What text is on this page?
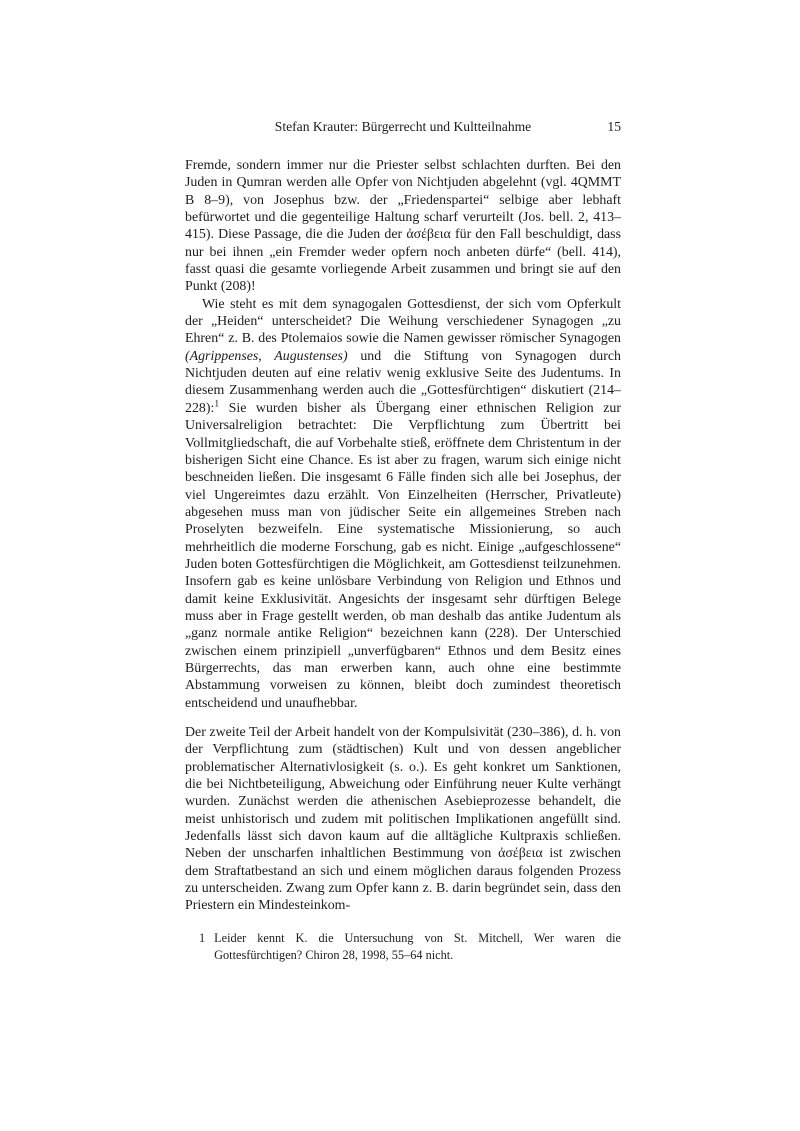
Stefan Krauter: Bürgerrecht und Kultteilnahme	15

Fremde, sondern immer nur die Priester selbst schlachten durften. Bei den Juden in Qumran werden alle Opfer von Nichtjuden abgelehnt (vgl. 4QMMT B 8–9), von Josephus bzw. der „Friedenspartei“ selbige aber lebhaft befürwortet und die gegenteilige Haltung scharf verurteilt (Jos. bell. 2, 413–415). Diese Passage, die die Juden der ἀσέβεια für den Fall beschuldigt, dass nur bei ihnen „ein Fremder weder opfern noch anbeten dürfe“ (bell. 414), fasst quasi die gesamte vorliegende Arbeit zusammen und bringt sie auf den Punkt (208)!

Wie steht es mit dem synagogalen Gottesdienst, der sich vom Opferkult der „Heiden“ unterscheidet? Die Weihung verschiedener Synagogen „zu Ehren“ z. B. des Ptolemaios sowie die Namen gewisser römischer Synagogen (Agrippenses, Augustenses) und die Stiftung von Synagogen durch Nichtjuden deuten auf eine relativ wenig exklusive Seite des Judentums. In diesem Zusammenhang werden auch die „Gottesfürchtigen“ diskutiert (214–228):$^1$ Sie wurden bisher als Übergang einer ethnischen Religion zur Universalreligion betrachtet: Die Verpflichtung zum Übertritt bei Vollmitgliedschaft, die auf Vorbehalte stieß, eröffnete dem Christentum in der bisherigen Sicht eine Chance. Es ist aber zu fragen, warum sich einige nicht beschneiden ließen. Die insgesamt 6 Fälle finden sich alle bei Josephus, der viel Ungereimtes dazu erzählt. Von Einzelheiten (Herrscher, Privatleute) abgesehen muss man von jüdischer Seite ein allgemeines Streben nach Proselyten bezweifeln. Eine systematische Missionierung, so auch mehrheitlich die moderne Forschung, gab es nicht. Einige „aufgeschlossene“ Juden boten Gottesfürchtigen die Möglichkeit, am Gottesdienst teilzunehmen. Insofern gab es keine unlösbare Verbindung von Religion und Ethnos und damit keine Exklusivität. Angesichts der insgesamt sehr dürftigen Belege muss aber in Frage gestellt werden, ob man deshalb das antike Judentum als „ganz normale antike Religion“ bezeichnen kann (228). Der Unterschied zwischen einem prinzipiell „unverfügbaren“ Ethnos und dem Besitz eines Bürgerrechts, das man erwerben kann, auch ohne eine bestimmte Abstammung vorweisen zu können, bleibt doch zumindest theoretisch entscheidend und unaufhebbar.

Der zweite Teil der Arbeit handelt von der Kompulsivität (230–386), d. h. von der Verpflichtung zum (städtischen) Kult und von dessen angeblicher problematischer Alternativlosigkeit (s. o.). Es geht konkret um Sanktionen, die bei Nichtbeteiligung, Abweichung oder Einführung neuer Kulte verhängt wurden. Zunächst werden die athenischen Asebieprozesse behandelt, die meist unhistorisch und zudem mit politischen Implikationen angefüllt sind. Jedenfalls lässt sich davon kaum auf die alltägliche Kultpraxis schließen. Neben der unscharfen inhaltlichen Bestimmung von ἀσέβεια ist zwischen dem Straftatbestand an sich und einem möglichen daraus folgenden Prozess zu unterscheiden. Zwang zum Opfer kann z. B. darin begründet sein, dass den Priestern ein Mindesteinkom-

1 Leider kennt K. die Untersuchung von St. Mitchell, Wer waren die Gottesfürchtigen? Chiron 28, 1998, 55–64 nicht.
